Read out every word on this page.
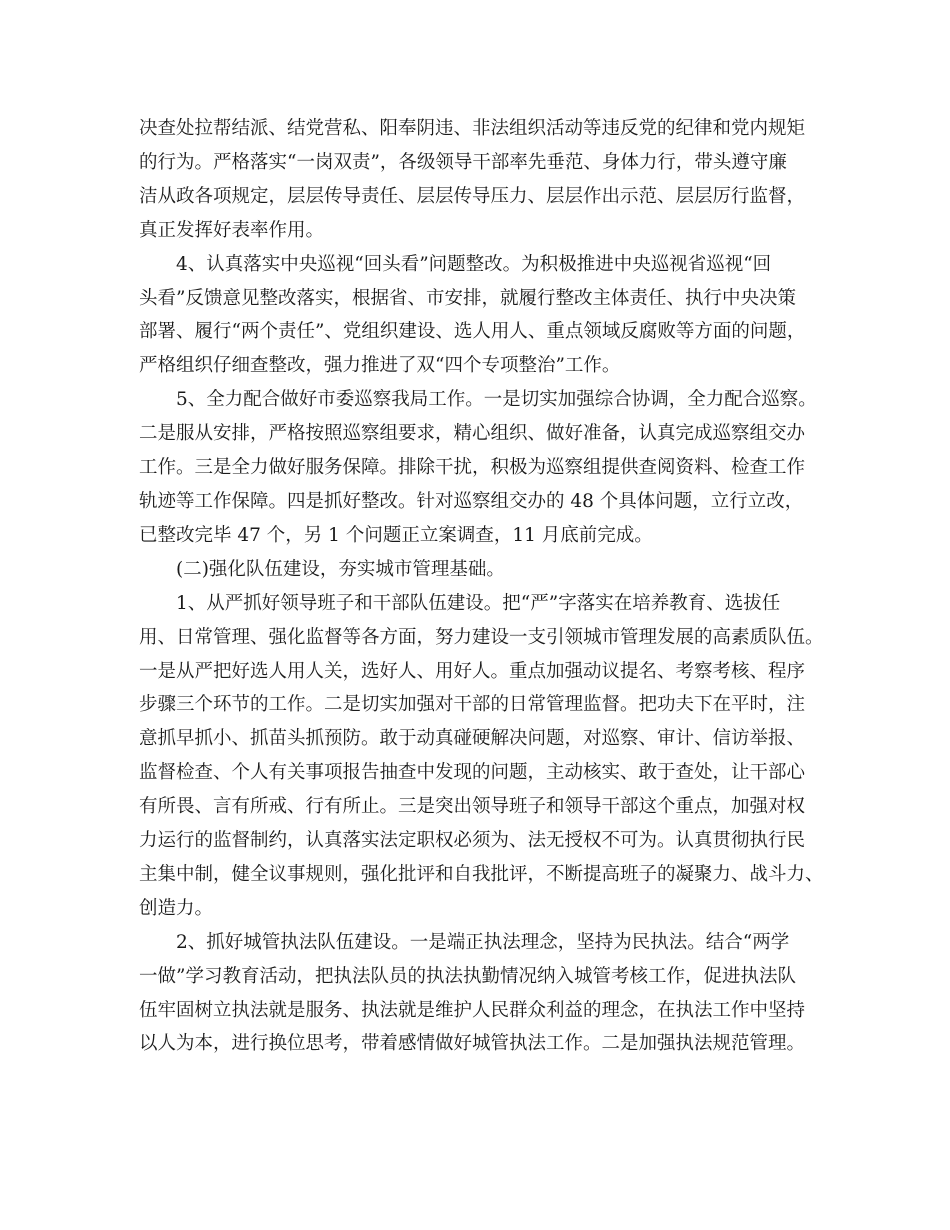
决查处拉帮结派、结党营私、阳奉阴违、非法组织活动等违反党的纪律和党内规矩
的行为。严格落实“一岗双责”，各级领导干部率先垂范、身体力行，带头遵守廉
洁从政各项规定，层层传导责任、层层传导压力、层层作出示范、层层厉行监督，
真正发挥好表率作用。

4、认真落实中央巡视“回头看”问题整改。为积极推进中央巡视省巡视“回
头看”反馈意见整改落实，根据省、市安排，就履行整改主体责任、执行中央决策
部署、履行“两个责任”、党组织建设、选人用人、重点领域反腐败等方面的问题，
严格组织仔细查整改，强力推进了双“四个专项整治”工作。

5、全力配合做好市委巡察我局工作。一是切实加强综合协调，全力配合巡察。
二是服从安排，严格按照巡察组要求，精心组织、做好准备，认真完成巡察组交办
工作。三是全力做好服务保障。排除干扰，积极为巡察组提供查阅资料、检查工作
轨迹等工作保障。四是抓好整改。针对巡察组交办的 48 个具体问题，立行立改，
已整改完毕 47 个，另 1 个问题正立案调查，11 月底前完成。

(二)强化队伍建设，夯实城市管理基础。

1、从严抓好领导班子和干部队伍建设。把“严”字落实在培养教育、选拔任
用、日常管理、强化监督等各方面，努力建设一支引领城市管理发展的高素质队伍。
一是从严把好选人用人关，选好人、用好人。重点加强动议提名、考察考核、程序
步骤三个环节的工作。二是切实加强对干部的日常管理监督。把功夫下在平时，注
意抓早抓小、抓苗头抓预防。敢于动真碰硬解决问题，对巡察、审计、信访举报、
监督检查、个人有关事项报告抽查中发现的问题，主动核实、敢于查处，让干部心
有所畏、言有所戒、行有所止。三是突出领导班子和领导干部这个重点，加强对权
力运行的监督制约，认真落实法定职权必须为、法无授权不可为。认真贯彻执行民
主集中制，健全议事规则，强化批评和自我批评，不断提高班子的凝聚力、战斗力、
创造力。

2、抓好城管执法队伍建设。一是端正执法理念，坚持为民执法。结合“两学
一做”学习教育活动，把执法队员的执法执勤情况纳入城管考核工作，促进执法队
伍牢固树立执法就是服务、执法就是维护人民群众利益的理念，在执法工作中坚持
以人为本，进行换位思考，带着感情做好城管执法工作。二是加强执法规范管理。
